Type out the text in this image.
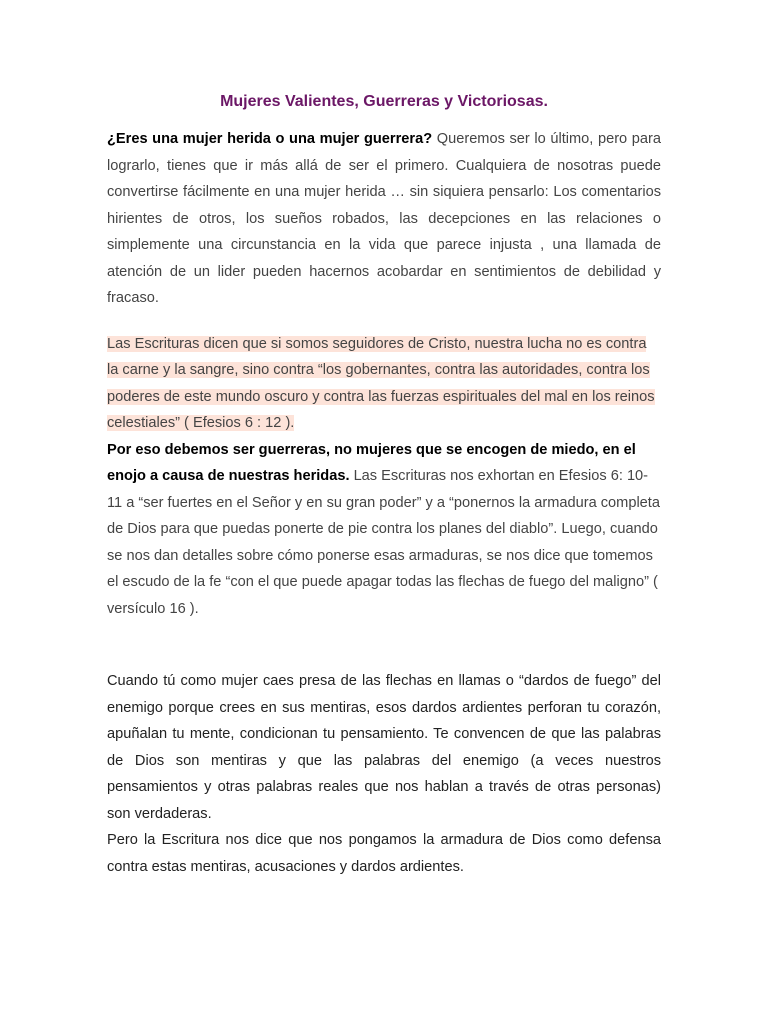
Mujeres Valientes, Guerreras y Victoriosas.

¿Eres una mujer herida o una mujer guerrera? Queremos ser lo último, pero para lograrlo, tienes que ir más allá de ser el primero. Cualquiera de nosotras puede convertirse fácilmente en una mujer herida … sin siquiera pensarlo: Los comentarios hirientes de otros, los sueños robados, las decepciones en las relaciones o simplemente una circunstancia en la vida que parece injusta , una llamada de atención de un lider pueden hacernos acobardar en sentimientos de debilidad y fracaso.

Las Escrituras dicen que si somos seguidores de Cristo, nuestra lucha no es contra la carne y la sangre, sino contra “los gobernantes, contra las autoridades, contra los poderes de este mundo oscuro y contra las fuerzas espirituales del mal en los reinos celestiales” ( Efesios 6 : 12 ).

Por eso debemos ser guerreras, no mujeres que se encogen de miedo, en el enojo a causa de nuestras heridas. Las Escrituras nos exhortan en Efesios 6: 10-11 a “ser fuertes en el Señor y en su gran poder” y a “ponernos la armadura completa de Dios para que puedas ponerte de pie contra los planes del diablo”. Luego, cuando se nos dan detalles sobre cómo ponerse esas armaduras, se nos dice que tomemos el escudo de la fe “con el que puede apagar todas las flechas de fuego del maligno” ( versículo 16 ).

Cuando tú como mujer caes presa de las flechas en llamas o “dardos de fuego” del enemigo porque crees en sus mentiras, esos dardos ardientes perforan tu corazón, apuñalan tu mente, condicionan tu pensamiento. Te convencen de que las palabras de Dios son mentiras y que las palabras del enemigo (a veces nuestros pensamientos y otras palabras reales que nos hablan a través de otras personas) son verdaderas.

Pero la Escritura nos dice que nos pongamos la armadura de Dios como defensa contra estas mentiras, acusaciones y dardos ardientes.
